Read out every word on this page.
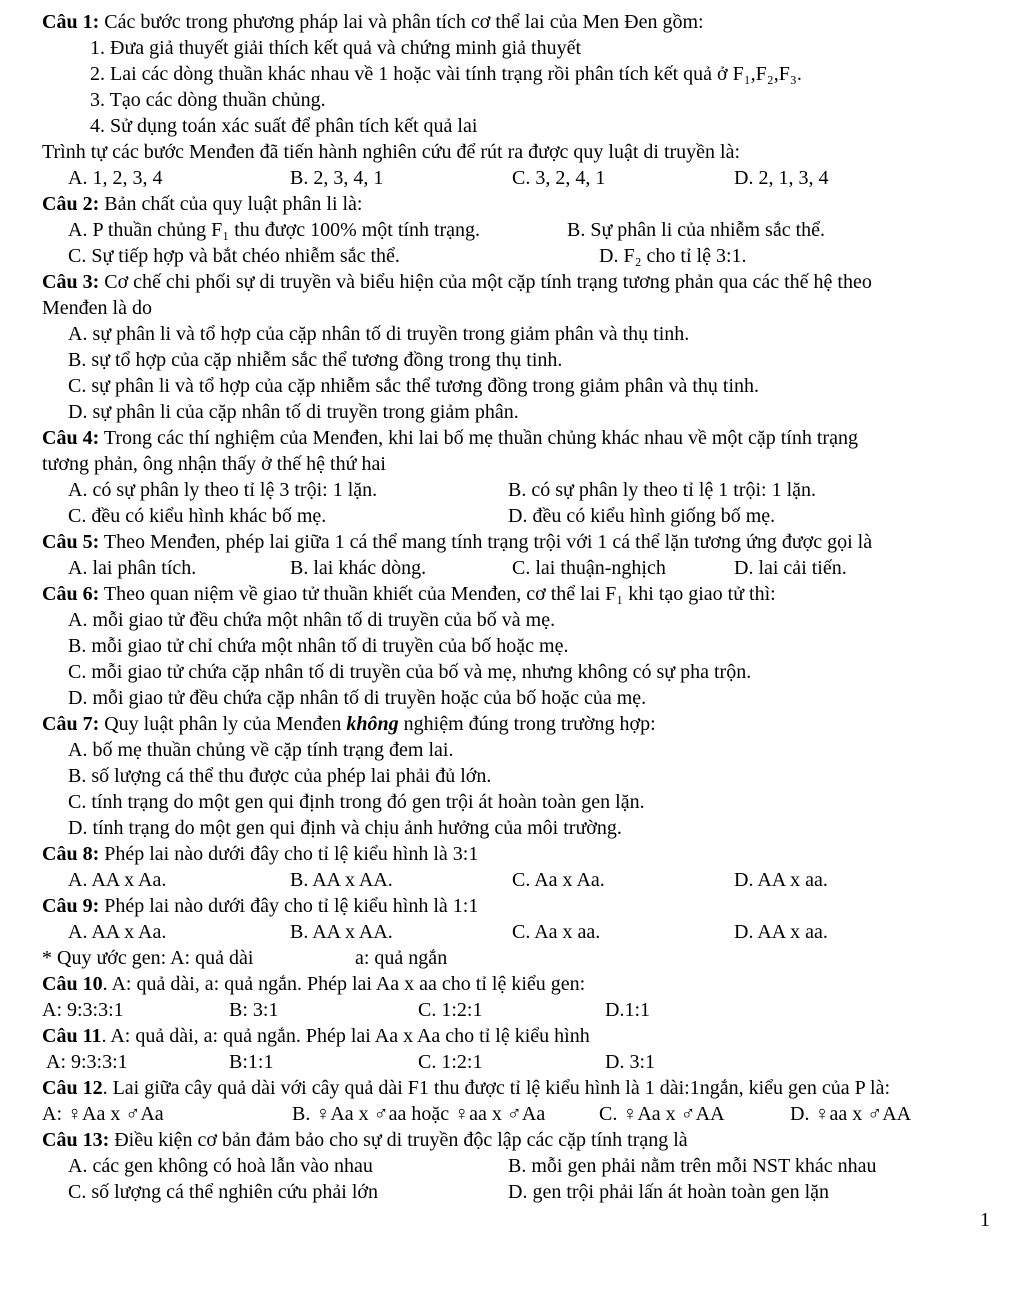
Câu 1: Các bước trong phương pháp lai và phân tích cơ thể lai của Men Đen gồm:
1. Đưa giả thuyết giải thích kết quả và chứng minh giả thuyết
2. Lai các dòng thuần khác nhau về 1 hoặc vài tính trạng rồi phân tích kết quả ở F₁,F₂,F₃.
3. Tạo các dòng thuần chủng.
4. Sử dụng toán xác suất để phân tích kết quả lai
Trình tự các bước Menđen đã tiến hành nghiên cứu để rút ra được quy luật di truyền là:
A. 1, 2, 3, 4	B. 2, 3, 4, 1	C. 3, 2, 4, 1	D. 2, 1, 3, 4
Câu 2: Bản chất của quy luật phân li là:
A. P thuần chủng F₁ thu được 100% một tính trạng.	B. Sự phân li của nhiễm sắc thể.
C. Sự tiếp hợp và bắt chéo nhiễm sắc thể.	D. F₂ cho tỉ lệ 3:1.
Câu 3: Cơ chế chi phối sự di truyền và biểu hiện của một cặp tính trạng tương phản qua các thế hệ theo
Menđen là do
A. sự phân li và tổ hợp của cặp nhân tố di truyền trong giảm phân và thụ tinh.
B. sự tổ hợp của cặp nhiễm sắc thể tương đồng trong thụ tinh.
C. sự phân li và tổ hợp của cặp nhiễm sắc thể tương đồng trong giảm phân và thụ tinh.
D. sự phân li của cặp nhân tố di truyền trong giảm phân.
Câu 4: Trong các thí nghiệm của Menđen, khi lai bố mẹ thuần chủng khác nhau về một cặp tính trạng
tương phản, ông nhận thấy ở thế hệ thứ hai
A. có sự phân ly theo tỉ lệ 3 trội: 1 lặn.	B. có sự phân ly theo tỉ lệ 1 trội: 1 lặn.
C. đều có kiểu hình khác bố mẹ.	D. đều có kiểu hình giống bố mẹ.
Câu 5: Theo Menđen, phép lai giữa 1 cá thể mang tính trạng trội với 1 cá thể lặn tương ứng được gọi là
A. lai phân tích.	B. lai khác dòng.	C. lai thuận-nghịch	D. lai cải tiến.
Câu 6: Theo quan niệm về giao tử thuần khiết của Menđen, cơ thể lai F₁ khi tạo giao tử thì:
A. mỗi giao tử đều chứa một nhân tố di truyền của bố và mẹ.
B. mỗi giao tử chỉ chứa một nhân tố di truyền của bố hoặc mẹ.
C. mỗi giao tử chứa cặp nhân tố di truyền của bố và mẹ, nhưng không có sự pha trộn.
D. mỗi giao tử đều chứa cặp nhân tố di truyền hoặc của bố hoặc của mẹ.
Câu 7: Quy luật phân ly của Menđen không nghiệm đúng trong trường hợp:
A. bố mẹ thuần chủng về cặp tính trạng đem lai.
B. số lượng cá thể thu được của phép lai phải đủ lớn.
C. tính trạng do một gen qui định trong đó gen trội át hoàn toàn gen lặn.
D. tính trạng do một gen qui định và chịu ảnh hưởng của môi trường.
Câu 8: Phép lai nào dưới đây cho tỉ lệ kiểu hình là 3:1
A. AA x Aa.	B. AA x AA.	C. Aa x Aa.	D. AA x aa.
Câu 9: Phép lai nào dưới đây cho tỉ lệ kiểu hình là 1:1
A. AA x Aa.	B. AA x AA.	C. Aa x aa.	D. AA x aa.
* Quy ước gen: A: quả dài	a: quả ngắn
Câu 10. A: quả dài, a: quả ngắn. Phép lai Aa x aa cho tỉ lệ kiểu gen:
A: 9:3:3:1	B: 3:1	C. 1:2:1	D.1:1
Câu 11. A: quả dài, a: quả ngắn. Phép lai Aa x Aa cho tỉ lệ kiểu hình
A: 9:3:3:1	B:1:1	C. 1:2:1	D. 3:1
Câu 12. Lai giữa cây quả dài với cây quả dài F1 thu được tỉ lệ kiểu hình là 1 dài:1ngắn, kiểu gen của P là:
A: ♀Aa x ♂Aa	B. ♀Aa x ♂aa hoặc ♀aa x ♂Aa	C. ♀Aa x ♂AA	D. ♀aa x ♂AA
Câu 13: Điều kiện cơ bản đảm bảo cho sự di truyền độc lập các cặp tính trạng là
A. các gen không có hoà lẫn vào nhau	B. mỗi gen phải nằm trên mỗi NST khác nhau
C. số lượng cá thể nghiên cứu phải lớn	D. gen trội phải lấn át hoàn toàn gen lặn
1
